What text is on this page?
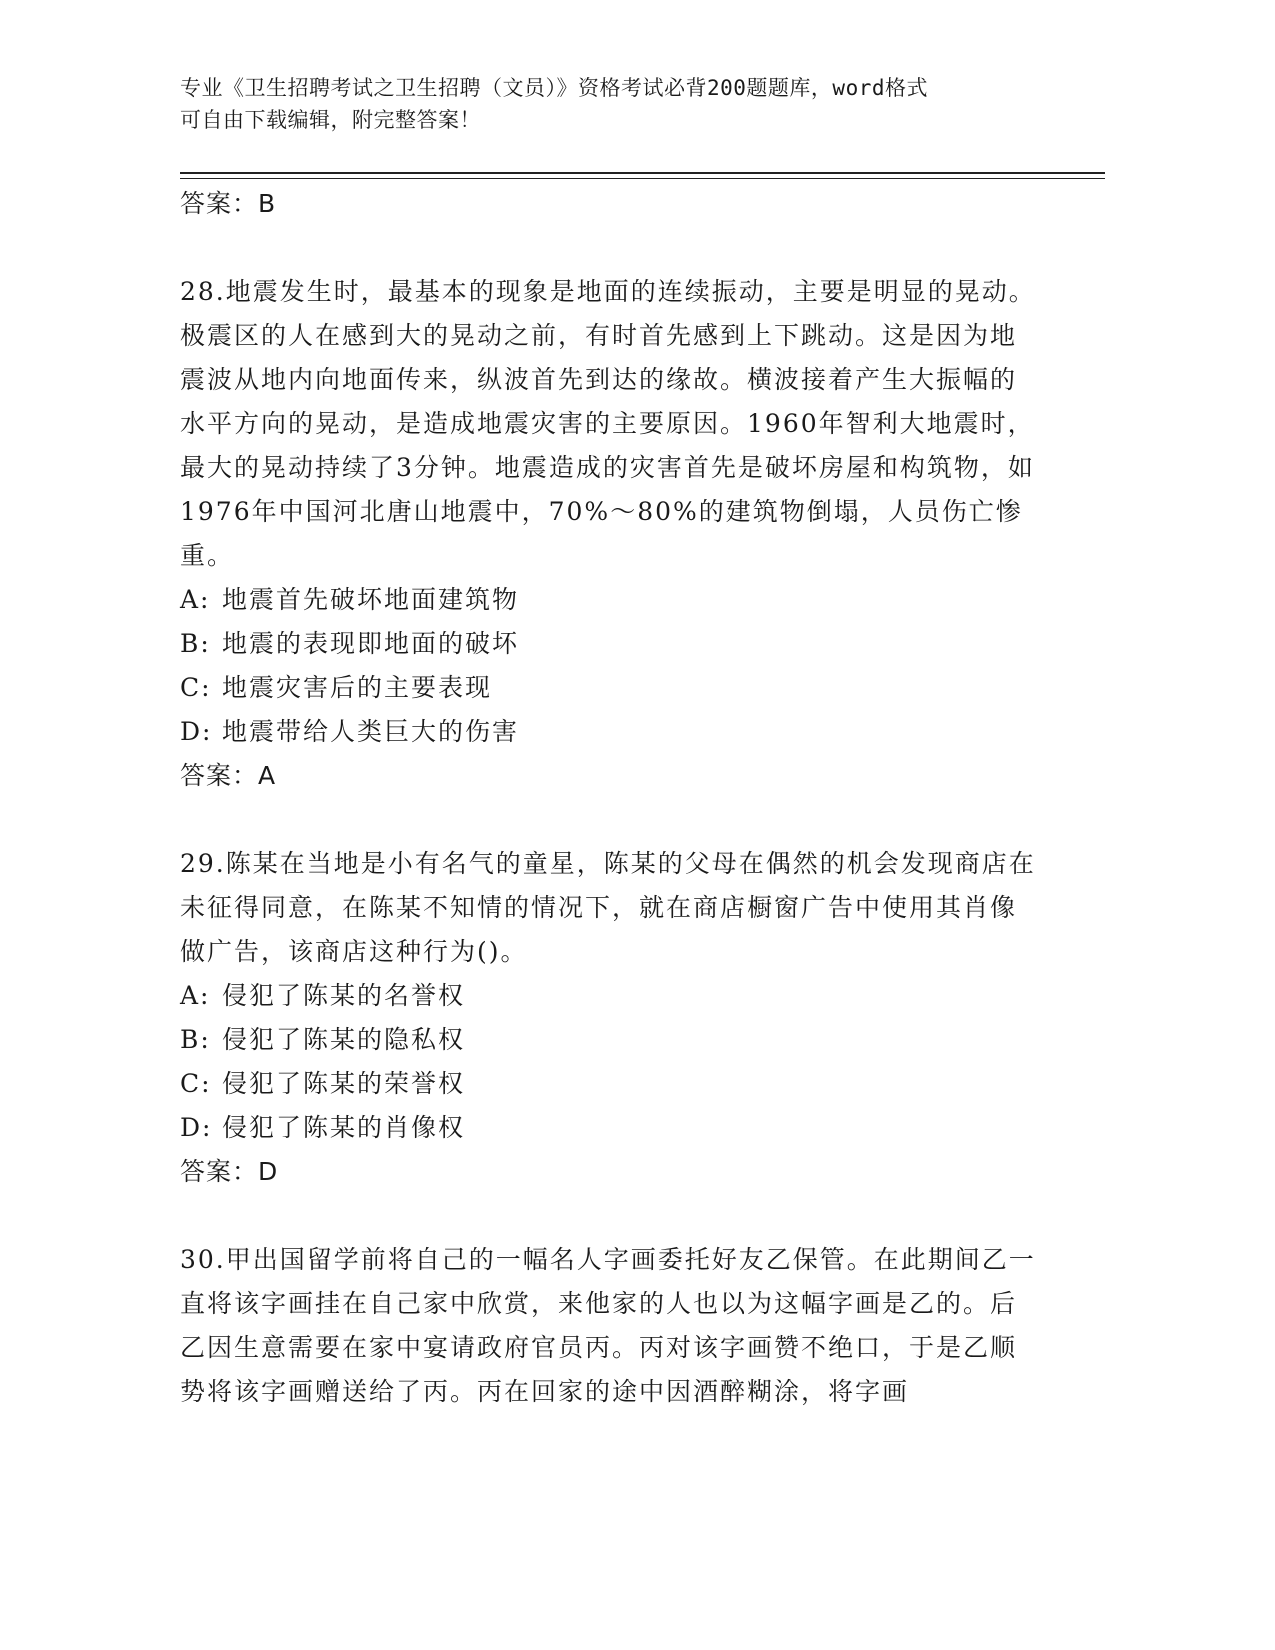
专业《卫生招聘考试之卫生招聘（文员）》资格考试必背200题题库，word格式
可自由下载编辑，附完整答案！
答案：B

28.地震发生时，最基本的现象是地面的连续振动，主要是明显的晃动。极震区的人在感到大的晃动之前，有时首先感到上下跳动。这是因为地震波从地内向地面传来，纵波首先到达的缘故。横波接着产生大振幅的水平方向的晃动，是造成地震灾害的主要原因。1960年智利大地震时，最大的晃动持续了3分钟。地震造成的灾害首先是破坏房屋和构筑物，如1976年中国河北唐山地震中，70%～80%的建筑物倒塌，人员伤亡惨重。

A: 地震首先破坏地面建筑物
B: 地震的表现即地面的破坏
C: 地震灾害后的主要表现
D: 地震带给人类巨大的伤害
答案：A

29.陈某在当地是小有名气的童星，陈某的父母在偶然的机会发现商店在未征得同意，在陈某不知情的情况下，就在商店橱窗广告中使用其肖像做广告，该商店这种行为()。

A: 侵犯了陈某的名誉权
B: 侵犯了陈某的隐私权
C: 侵犯了陈某的荣誉权
D: 侵犯了陈某的肖像权
答案：D

30.甲出国留学前将自己的一幅名人字画委托好友乙保管。在此期间乙一直将该字画挂在自己家中欣赏，来他家的人也以为这幅字画是乙的。后乙因生意需要在家中宴请政府官员丙。丙对该字画赞不绝口，于是乙顺势将该字画赠送给了丙。丙在回家的途中因酒醉糊涂，将字画
